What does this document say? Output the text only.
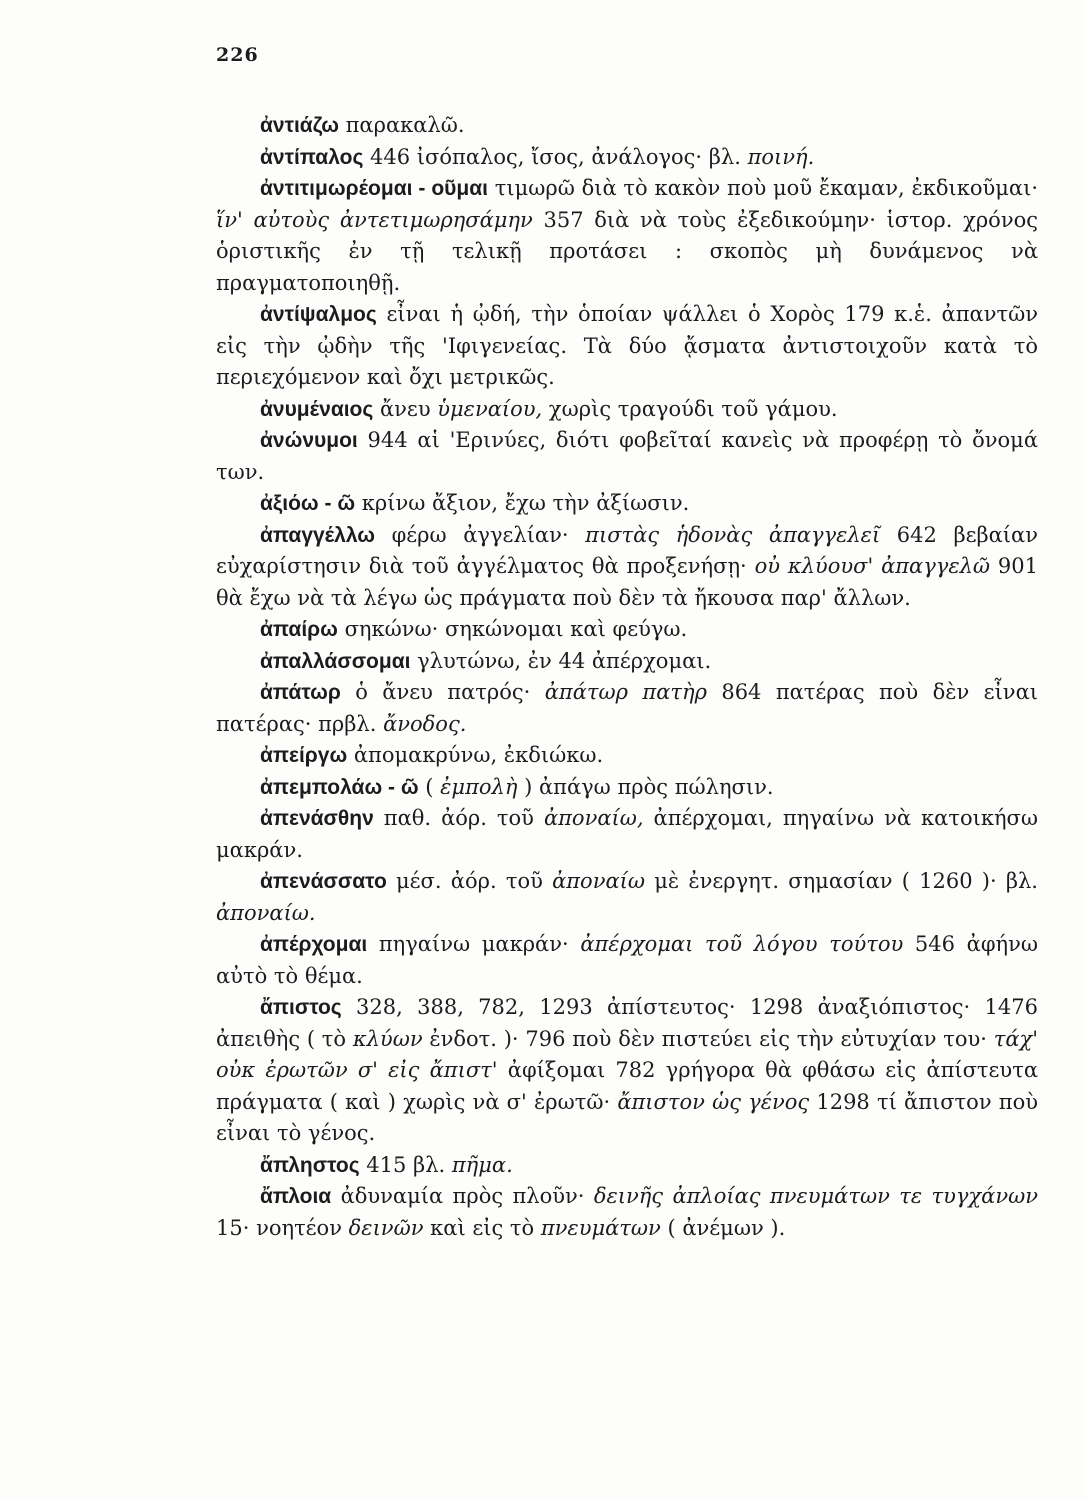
226

ἀντιάζω παρακαλῶ.

ἀντίπαλος 446 ἰσόπαλος, ἴσος, ἀνάλογος· βλ. ποινή.

ἀντιτιμωρέομαι - οῦμαι τιμωρῶ διὰ τὸ κακὸν ποὺ μοῦ ἔκαμαν, ἐκδικοῦμαι· ἵν' αὐτοὺς ἀντετιμωρησάμην 357 διὰ νὰ τοὺς ἐξεδικούμην· ἱστορ. χρόνος ὁριστικῆς ἐν τῇ τελικῇ προτάσει : σκοπὸς μὴ δυνάμενος νὰ πραγματοποιηθῇ.

ἀντίψαλμος εἶναι ἡ ᾠδή, τὴν ὁποίαν ψάλλει ὁ Χορὸς 179 κ.ἑ. ἀπαντῶν εἰς τὴν ᾠδὴν τῆς 'Ιφιγενείας. Τὰ δύο ᾄσματα ἀντιστοιχοῦν κατὰ τὸ περιεχόμενον καὶ ὄχι μετρικῶς.

ἀνυμέναιος ἄνευ ὑμεναίου, χωρὶς τραγούδι τοῦ γάμου.

ἀνώνυμοι 944 αἱ 'Ερινύες, διότι φοβεῖταί κανεὶς νὰ προφέρῃ τὸ ὄνομά των.

ἀξιόω - ῶ κρίνω ἄξιον, ἔχω τὴν ἀξίωσιν.

ἀπαγγέλλω φέρω ἀγγελίαν· πιστὰς ἡδονὰς ἀπαγγελεῖ 642 βεβαίαν εὐχαρίστησιν διὰ τοῦ ἀγγέλματος θὰ προξενήσῃ· οὐ κλύουσ' ἀπαγγελῶ 901 θὰ ἔχω νὰ τὰ λέγω ὡς πράγματα ποὺ δὲν τὰ ἤκουσα παρ' ἄλλων.

ἀπαίρω σηκώνω· σηκώνομαι καὶ φεύγω.

ἀπαλλάσσομαι γλυτώνω, ἐν 44 ἀπέρχομαι.

ἀπάτωρ ὁ ἄνευ πατρός· ἀπάτωρ πατὴρ 864 πατέρας ποὺ δὲν εἶναι πατέρας· πρβλ. ἄνοδος.

ἀπείργω ἀπομακρύνω, ἐκδιώκω.

ἀπεμπολάω - ῶ ( ἐμπολὴ ) ἀπάγω πρὸς πώλησιν.

ἀπενάσθην παθ. ἀόρ. τοῦ ἀποναίω, ἀπέρχομαι, πηγαίνω νὰ κατοικήσω μακράν.

ἀπενάσσατο μέσ. ἀόρ. τοῦ ἀποναίω μὲ ἐνεργητ. σημασίαν ( 1260 )· βλ. ἀποναίω.

ἀπέρχομαι πηγαίνω μακράν· ἀπέρχομαι τοῦ λόγου τούτου 546 ἀφήνω αὐτὸ τὸ θέμα.

ἄπιστος 328, 388, 782, 1293 ἀπίστευτος· 1298 ἀναξιόπιστος· 1476 ἀπειθὴς ( τὸ κλύων ἐνδοτ. )· 796 ποὺ δὲν πιστεύει εἰς τὴν εὐτυχίαν του· τάχ' οὐκ ἐρωτῶν σ' εἰς ἄπιστ' ἀφίξομαι 782 γρήγορα θὰ φθάσω εἰς ἀπίστευτα πράγματα ( καὶ ) χωρὶς νὰ σ' ἐρωτῶ· ἄπιστον ὡς γένος 1298 τί ἄπιστον ποὺ εἶναι τὸ γένος.

ἄπληστος 415 βλ. πῆμα.

ἄπλοια ἀδυναμία πρὸς πλοῦν· δεινῆς ἀπλοίας πνευμάτων τε τυγχάνων 15· νοητέον δεινῶν καὶ εἰς τὸ πνευμάτων ( ἀνέμων ).
